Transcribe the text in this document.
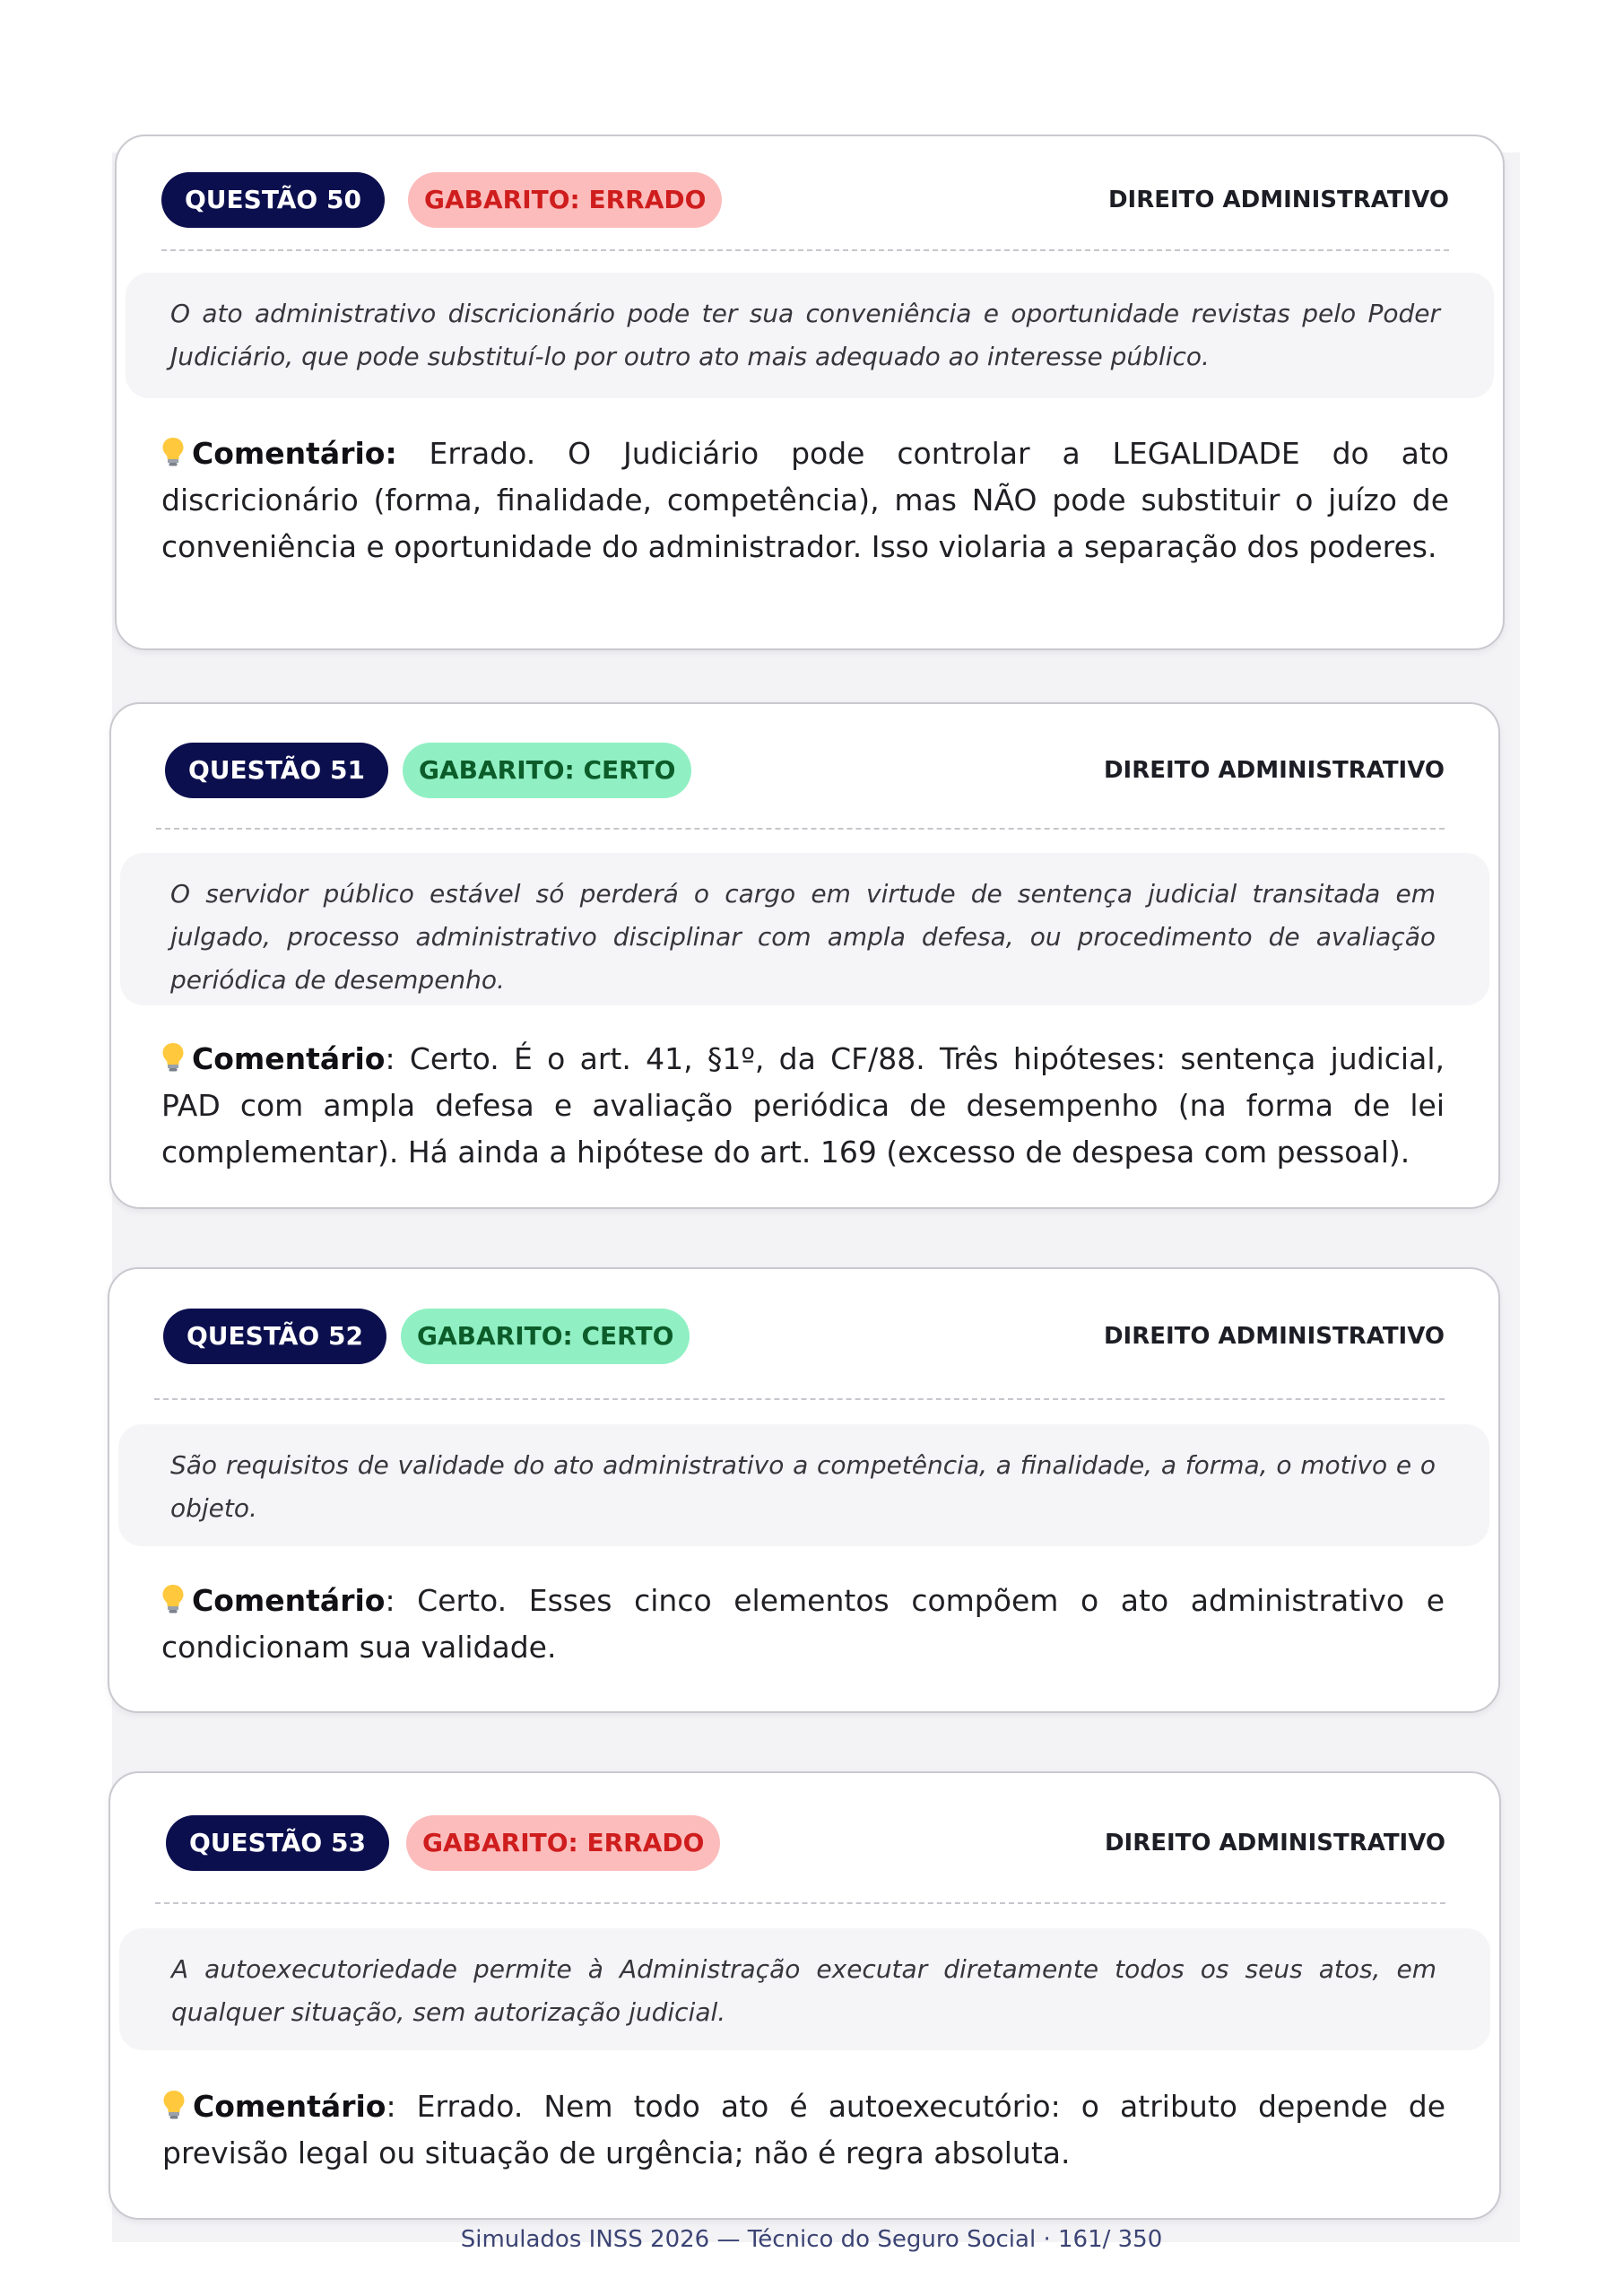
QUESTÃO 50	GABARITO: ERRADO	DIREITO ADMINISTRATIVO
O ato administrativo discricionário pode ter sua conveniência e oportunidade revistas pelo Poder Judiciário, que pode substituí-lo por outro ato mais adequado ao interesse público.
Comentário: Errado. O Judiciário pode controlar a LEGALIDADE do ato discricionário (forma, finalidade, competência), mas NÃO pode substituir o juízo de conveniência e oportunidade do administrador. Isso violaria a separação dos poderes.
QUESTÃO 51	GABARITO: CERTO	DIREITO ADMINISTRATIVO
O servidor público estável só perderá o cargo em virtude de sentença judicial transitada em julgado, processo administrativo disciplinar com ampla defesa, ou procedimento de avaliação periódica de desempenho.
Comentário: Certo. É o art. 41, §1º, da CF/88. Três hipóteses: sentença judicial, PAD com ampla defesa e avaliação periódica de desempenho (na forma de lei complementar). Há ainda a hipótese do art. 169 (excesso de despesa com pessoal).
QUESTÃO 52	GABARITO: CERTO	DIREITO ADMINISTRATIVO
São requisitos de validade do ato administrativo a competência, a finalidade, a forma, o motivo e o objeto.
Comentário: Certo. Esses cinco elementos compõem o ato administrativo e condicionam sua validade.
QUESTÃO 53	GABARITO: ERRADO	DIREITO ADMINISTRATIVO
A autoexecutoriedade permite à Administração executar diretamente todos os seus atos, em qualquer situação, sem autorização judicial.
Comentário: Errado. Nem todo ato é autoexecutório: o atributo depende de previsão legal ou situação de urgência; não é regra absoluta.
Simulados INSS 2026 — Técnico do Seguro Social · 161/ 350
